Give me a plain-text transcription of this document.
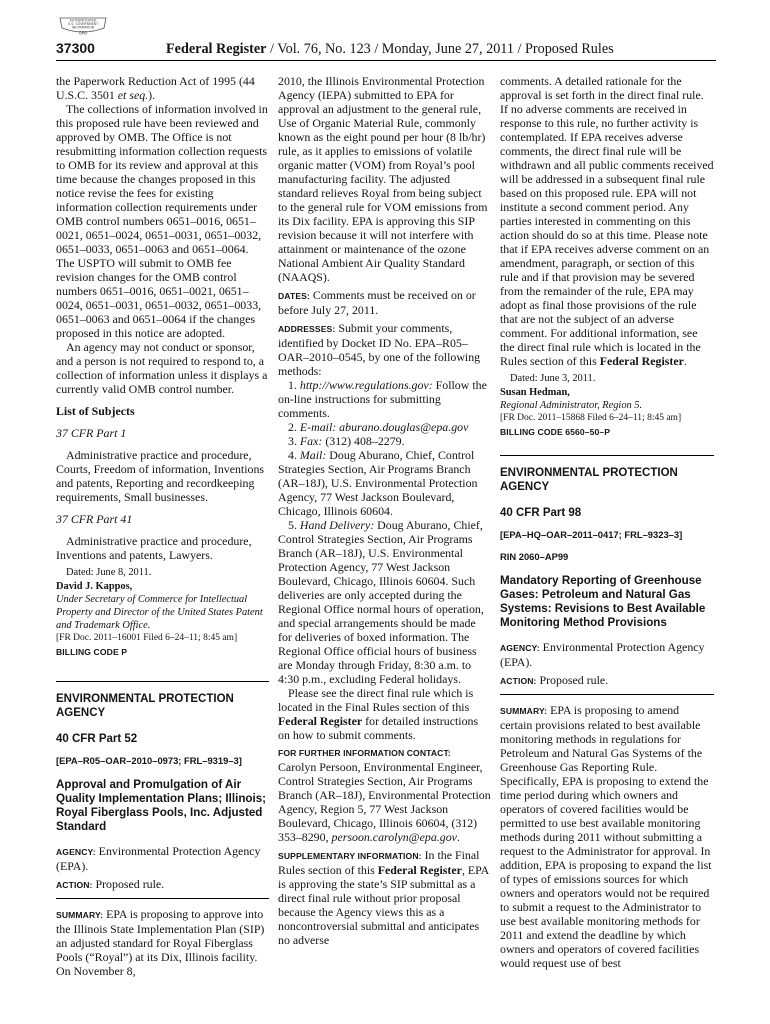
AUTHENTICATED
U.S. GOVERNMENT
INFORMATION
GPO
37300	Federal Register / Vol. 76, No. 123 / Monday, June 27, 2011 / Proposed Rules

the Paperwork Reduction Act of 1995 (44 U.S.C. 3501 et seq.).

The collections of information involved in this proposed rule have been reviewed and approved by OMB. The Office is not resubmitting information collection requests to OMB for its review and approval at this time because the changes proposed in this notice revise the fees for existing information collection requirements under OMB control numbers 0651–0016, 0651–0021, 0651–0024, 0651–0031, 0651–0032, 0651–0033, 0651–0063 and 0651–0064. The USPTO will submit to OMB fee revision changes for the OMB control numbers 0651–0016, 0651–0021, 0651–0024, 0651–0031, 0651–0032, 0651–0033, 0651–0063 and 0651–0064 if the changes proposed in this notice are adopted.

An agency may not conduct or sponsor, and a person is not required to respond to, a collection of information unless it displays a currently valid OMB control number.

List of Subjects

37 CFR Part 1

Administrative practice and procedure, Courts, Freedom of information, Inventions and patents, Reporting and recordkeeping requirements, Small businesses.

37 CFR Part 41

Administrative practice and procedure, Inventions and patents, Lawyers.

Dated: June 8, 2011.

David J. Kappos,

Under Secretary of Commerce for Intellectual Property and Director of the United States Patent and Trademark Office.

[FR Doc. 2011–16001 Filed 6–24–11; 8:45 am]

BILLING CODE P

ENVIRONMENTAL PROTECTION AGENCY

40 CFR Part 52

[EPA–R05–OAR–2010–0973; FRL–9319–3]

Approval and Promulgation of Air Quality Implementation Plans; Illinois; Royal Fiberglass Pools, Inc. Adjusted Standard

AGENCY: Environmental Protection Agency (EPA).

ACTION: Proposed rule.

SUMMARY: EPA is proposing to approve into the Illinois State Implementation Plan (SIP) an adjusted standard for Royal Fiberglass Pools (“Royal”) at its Dix, Illinois facility. On November 8,

2010, the Illinois Environmental Protection Agency (IEPA) submitted to EPA for approval an adjustment to the general rule, Use of Organic Material Rule, commonly known as the eight pound per hour (8 lb/hr) rule, as it applies to emissions of volatile organic matter (VOM) from Royal’s pool manufacturing facility. The adjusted standard relieves Royal from being subject to the general rule for VOM emissions from its Dix facility. EPA is approving this SIP revision because it will not interfere with attainment or maintenance of the ozone National Ambient Air Quality Standard (NAAQS).

DATES: Comments must be received on or before July 27, 2011.

ADDRESSES: Submit your comments, identified by Docket ID No. EPA–R05–OAR–2010–0545, by one of the following methods:

1. http://www.regulations.gov: Follow the on-line instructions for submitting comments.

2. E-mail: aburano.douglas@epa.gov

3. Fax: (312) 408–2279.

4. Mail: Doug Aburano, Chief, Control Strategies Section, Air Programs Branch (AR–18J), U.S. Environmental Protection Agency, 77 West Jackson Boulevard, Chicago, Illinois 60604.

5. Hand Delivery: Doug Aburano, Chief, Control Strategies Section, Air Programs Branch (AR–18J), U.S. Environmental Protection Agency, 77 West Jackson Boulevard, Chicago, Illinois 60604. Such deliveries are only accepted during the Regional Office normal hours of operation, and special arrangements should be made for deliveries of boxed information. The Regional Office official hours of business are Monday through Friday, 8:30 a.m. to 4:30 p.m., excluding Federal holidays.

Please see the direct final rule which is located in the Final Rules section of this Federal Register for detailed instructions on how to submit comments.

FOR FURTHER INFORMATION CONTACT:

Carolyn Persoon, Environmental Engineer, Control Strategies Section, Air Programs Branch (AR–18J), Environmental Protection Agency, Region 5, 77 West Jackson Boulevard, Chicago, Illinois 60604, (312) 353–8290, persoon.carolyn@epa.gov.

SUPPLEMENTARY INFORMATION: In the Final Rules section of this Federal Register, EPA is approving the state’s SIP submittal as a direct final rule without prior proposal because the Agency views this as a noncontroversial submittal and anticipates no adverse

comments. A detailed rationale for the approval is set forth in the direct final rule. If no adverse comments are received in response to this rule, no further activity is contemplated. If EPA receives adverse comments, the direct final rule will be withdrawn and all public comments received will be addressed in a subsequent final rule based on this proposed rule. EPA will not institute a second comment period. Any parties interested in commenting on this action should do so at this time. Please note that if EPA receives adverse comment on an amendment, paragraph, or section of this rule and if that provision may be severed from the remainder of the rule, EPA may adopt as final those provisions of the rule that are not the subject of an adverse comment. For additional information, see the direct final rule which is located in the Rules section of this Federal Register.

Dated: June 3, 2011.

Susan Hedman,

Regional Administrator, Region 5.

[FR Doc. 2011–15868 Filed 6–24–11; 8:45 am]

BILLING CODE 6560–50–P

ENVIRONMENTAL PROTECTION AGENCY

40 CFR Part 98

[EPA–HQ–OAR–2011–0417; FRL–9323–3]

RIN 2060–AP99

Mandatory Reporting of Greenhouse Gases: Petroleum and Natural Gas Systems: Revisions to Best Available Monitoring Method Provisions

AGENCY: Environmental Protection Agency (EPA).

ACTION: Proposed rule.

SUMMARY: EPA is proposing to amend certain provisions related to best available monitoring methods in regulations for Petroleum and Natural Gas Systems of the Greenhouse Gas Reporting Rule. Specifically, EPA is proposing to extend the time period during which owners and operators of covered facilities would be permitted to use best available monitoring methods during 2011 without submitting a request to the Administrator for approval. In addition, EPA is proposing to expand the list of types of emissions sources for which owners and operators would not be required to submit a request to the Administrator to use best available monitoring methods for 2011 and extend the deadline by which owners and operators of covered facilities would request use of best
